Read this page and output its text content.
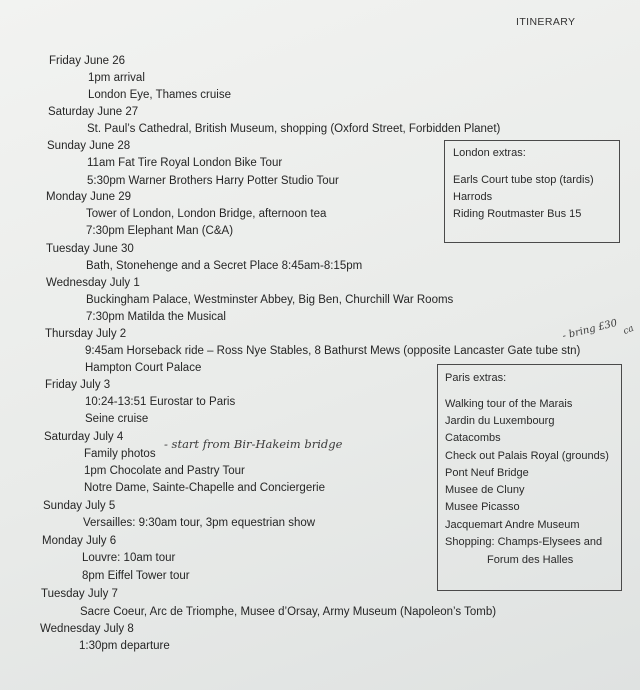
ITINERARY
Friday June 26
1pm arrival
London Eye, Thames cruise
Saturday June 27
St. Paul’s Cathedral, British Museum, shopping (Oxford Street, Forbidden Planet)
Sunday June 28
11am Fat Tire Royal London Bike Tour
5:30pm Warner Brothers Harry Potter Studio Tour
Monday June 29
Tower of London, London Bridge, afternoon tea
7:30pm Elephant Man (C&A)
Tuesday June 30
Bath, Stonehenge and a Secret Place 8:45am-8:15pm
Wednesday July 1
Buckingham Palace, Westminster Abbey, Big Ben, Churchill War Rooms
7:30pm Matilda the Musical
Thursday July 2
9:45am Horseback ride – Ross Nye Stables, 8 Bathurst Mews (opposite Lancaster Gate tube stn)
Hampton Court Palace
Friday July 3
10:24-13:51 Eurostar to Paris
Seine cruise
Saturday July 4
Family photos
1pm Chocolate and Pastry Tour
Notre Dame, Sainte-Chapelle and Conciergerie
Sunday July 5
Versailles: 9:30am tour, 3pm equestrian show
Monday July 6
Louvre: 10am tour
8pm Eiffel Tower tour
Tuesday July 7
Sacre Coeur, Arc de Triomphe, Musee d’Orsay, Army Museum (Napoleon’s Tomb)
Wednesday July 8
1:30pm departure
London extras:
Earls Court tube stop (tardis)
Harrods
Riding Routmaster Bus 15
Paris extras:
Walking tour of the Marais
Jardin du Luxembourg
Catacombs
Check out Palais Royal (grounds)
Pont Neuf Bridge
Musee de Cluny
Musee Picasso
Jacquemart Andre Museum
Shopping: Champs-Elysees and
Forum des Halles
- start from Bir-Hakeim bridge
- bring £30 ca
